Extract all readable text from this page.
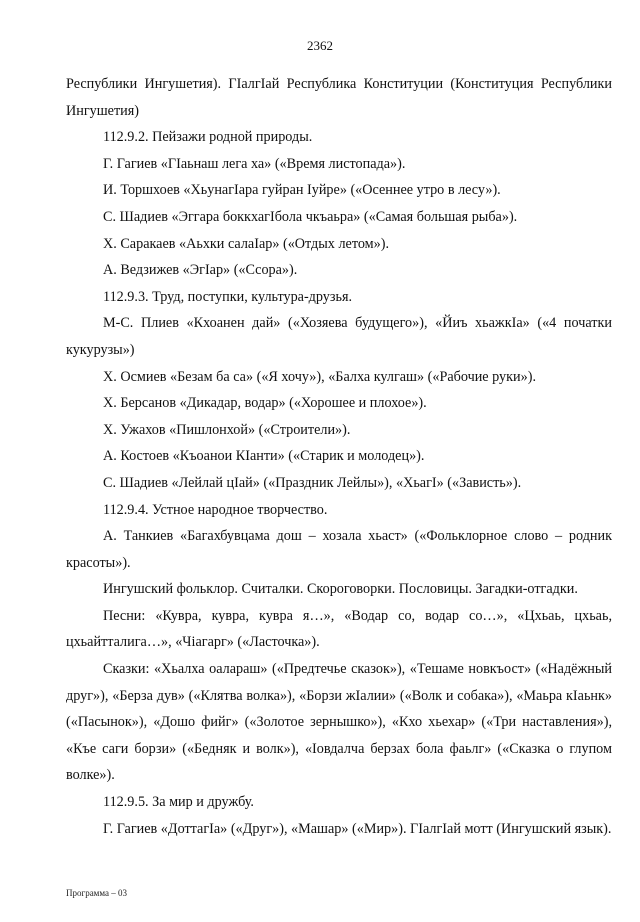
2362

Республики Ингушетия). ГIалгIай Республика Конституции (Конституция Республики Ингушетия)

112.9.2. Пейзажи родной природы.

Г. Гагиев «ГIаьнаш лега ха» («Время листопада»).

И. Торшхоев «ХьунагIара гуйран Iуйре» («Осеннее утро в лесу»).

С. Шадиев «Эггара боккхагIбола чкъаьра» («Самая большая рыба»).

Х. Саракаев «Аьхки салаIар» («Отдых летом»).

А. Ведзижев «ЭгIар» («Ссора»).

112.9.3. Труд, поступки, культура-друзья.

М-С. Плиев «Кхоанен дай» («Хозяева будущего»), «Йиъ хьажкIа» («4 початки кукурузы»)

Х. Осмиев «Безам ба са» («Я хочу»), «Балха кулгаш» («Рабочие руки»).

Х. Берсанов «Дикадар, водар» («Хорошее и плохое»).

Х. Ужахов «Пишлонхой» («Строители»).

А. Костоев «Къоанои КIанти» («Старик и молодец»).

С. Шадиев «Лейлай цIай» («Праздник Лейлы»), «ХьагI» («Зависть»).

112.9.4. Устное народное творчество.

А. Танкиев «Багахбувцама дош – хозала хьаст» («Фольклорное слово – родник красоты»).

Ингушский фольклор. Считалки. Скороговорки. Пословицы. Загадки-отгадки.

Песни: «Кувра, кувра, кувра я…», «Водар со, водар со…», «Цхьаь, цхьаь, цхьайтталига…», «Чiагарг» («Ласточка»).

Сказки: «Хьалха оалараш» («Предтечье сказок»), «Тешаме новкъост» («Надёжный друг»), «Берза дув» («Клятва волка»), «Борзи жIалии» («Волк и собака»), «Маьра кIаьнк» («Пасынок»), «Дошо фийг» («Золотое зернышко»), «Кхо хьехар» («Три наставления»), «Къе саги борзи» («Бедняк и волк»), «Iовдалча берзах бола фаьлг» («Сказка о глупом волке»).

112.9.5. За мир и дружбу.

Г. Гагиев «ДоттагIа» («Друг»), «Машар» («Мир»). ГIалгIай мотт (Ингушский язык).

Программа – 03
